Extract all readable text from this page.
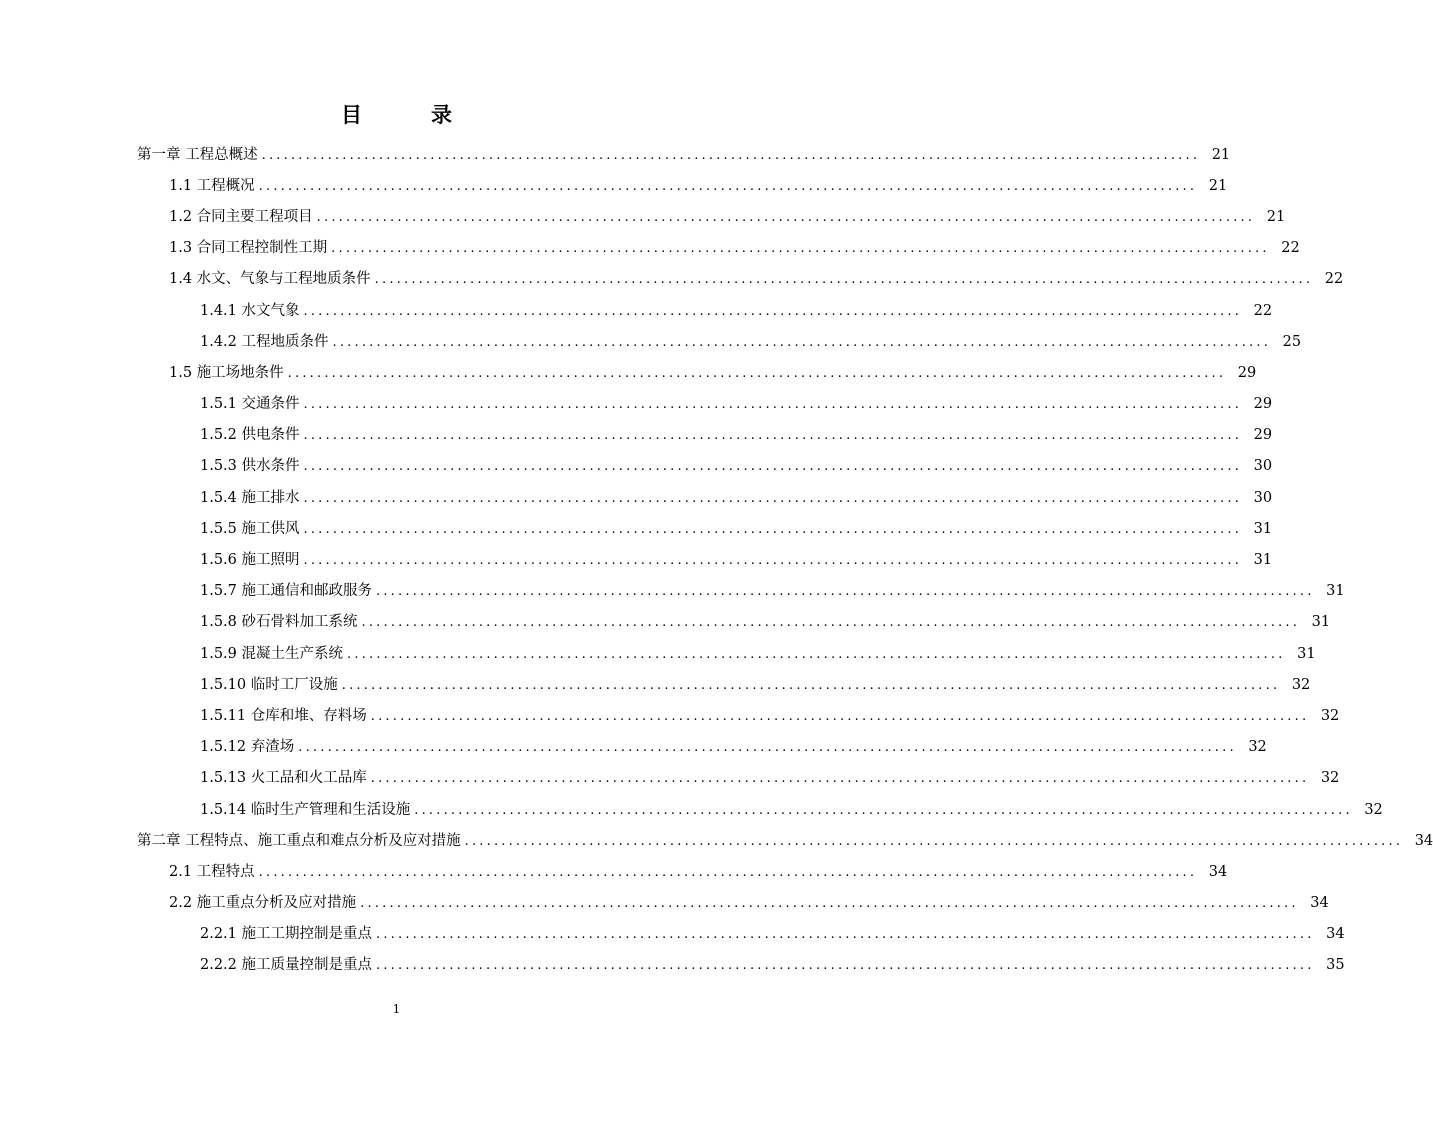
目　录
第一章 工程总概述 ................................................................................................................................ 21
1.1 工程概况 ................................................................................................................................ 21
1.2 合同主要工程项目 ................................................................................................................................ 21
1.3 合同工程控制性工期 ................................................................................................................................ 22
1.4 水文、气象与工程地质条件 ................................................................................................................................ 22
1.4.1 水文气象 ................................................................................................................................ 22
1.4.2 工程地质条件 ................................................................................................................................ 25
1.5 施工场地条件 ................................................................................................................................ 29
1.5.1 交通条件 ................................................................................................................................ 29
1.5.2 供电条件 ................................................................................................................................ 29
1.5.3 供水条件 ................................................................................................................................ 30
1.5.4 施工排水 ................................................................................................................................ 30
1.5.5 施工供风 ................................................................................................................................ 31
1.5.6 施工照明 ................................................................................................................................ 31
1.5.7 施工通信和邮政服务 ................................................................................................................................ 31
1.5.8 砂石骨料加工系统 ................................................................................................................................ 31
1.5.9 混凝土生产系统 ................................................................................................................................ 31
1.5.10 临时工厂设施 ................................................................................................................................ 32
1.5.11 仓库和堆、存料场 ................................................................................................................................ 32
1.5.12 弃渣场 ................................................................................................................................ 32
1.5.13 火工品和火工品库 ................................................................................................................................ 32
1.5.14 临时生产管理和生活设施 ................................................................................................................................ 32
第二章 工程特点、施工重点和难点分析及应对措施 ................................................................................................................................ 34
2.1 工程特点 ................................................................................................................................ 34
2.2 施工重点分析及应对措施 ................................................................................................................................ 34
2.2.1 施工工期控制是重点 ................................................................................................................................ 34
2.2.2 施工质量控制是重点 ................................................................................................................................ 35
1
